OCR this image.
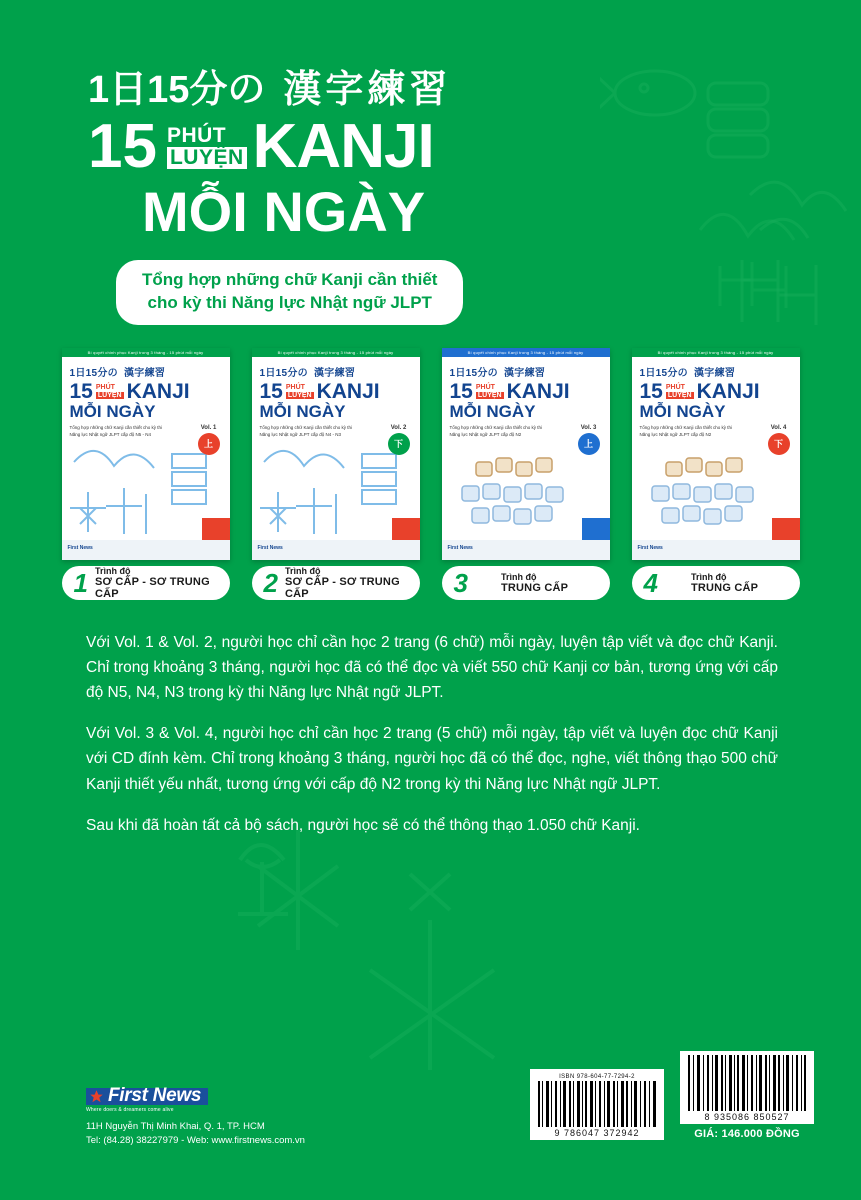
1日15分の 漢字練習
15 PHÚT
LUYỆN KANJI
MỖI NGÀY
Tổng hợp những chữ Kanji cần thiết
cho kỳ thi Năng lực Nhật ngữ JLPT
Bí quyết chinh phục Kanji trong 3 tháng - 15 phút mỗi ngày
1日15分の 漢字練習
15 PHÚT
LUYỆN KANJI
MỖI NGÀY
Tổng hợp những chữ Kanji cần thiết cho kỳ thi Năng lực Nhật ngữ JLPT cấp độ N5 - N4
Vol. 1
上
First News
Bí quyết chinh phục Kanji trong 3 tháng - 15 phút mỗi ngày
1日15分の 漢字練習
15 PHÚT
LUYỆN KANJI
MỖI NGÀY
Tổng hợp những chữ Kanji cần thiết cho kỳ thi Năng lực Nhật ngữ JLPT cấp độ N4 - N3
Vol. 2
下
First News
Bí quyết chinh phục Kanji trong 3 tháng - 15 phút mỗi ngày
1日15分の 漢字練習
15 PHÚT
LUYỆN KANJI
MỖI NGÀY
Tổng hợp những chữ Kanji cần thiết cho kỳ thi Năng lực Nhật ngữ JLPT cấp độ N2
Vol. 3
上
First News
Bí quyết chinh phục Kanji trong 3 tháng - 15 phút mỗi ngày
1日15分の 漢字練習
15 PHÚT
LUYỆN KANJI
MỖI NGÀY
Tổng hợp những chữ Kanji cần thiết cho kỳ thi Năng lực Nhật ngữ JLPT cấp độ N2
Vol. 4
下
First News
1 Trình độ
SƠ CẤP - SƠ TRUNG CẤP	2 Trình độ
SƠ CẤP - SƠ TRUNG CẤP	3	Trình độ
TRUNG CẤP	4	Trình độ
TRUNG CẤP

Với Vol. 1 & Vol. 2, người học chỉ cần học 2 trang (6 chữ) mỗi ngày, luyện tập viết và đọc chữ Kanji. Chỉ trong khoảng 3 tháng, người học đã có thể đọc và viết 550 chữ Kanji cơ bản, tương ứng với cấp độ N5, N4, N3 trong kỳ thi Năng lực Nhật ngữ JLPT.

Với Vol. 3 & Vol. 4, người học chỉ cần học 2 trang (5 chữ) mỗi ngày, tập viết và luyện đọc chữ Kanji với CD đính kèm. Chỉ trong khoảng 3 tháng, người học đã có thể đọc, nghe, viết thông thạo 500 chữ Kanji thiết yếu nhất, tương ứng với cấp độ N2 trong kỳ thi Năng lực Nhật ngữ JLPT.

Sau khi đã hoàn tất cả bộ sách, người học sẽ có thể thông thạo 1.050 chữ Kanji.

First News
Where doers & dreamers come alive
11H Nguyễn Thị Minh Khai, Q. 1, TP. HCM
Tel: (84.28) 38227979 - Web: www.firstnews.com.vn
ISBN 978-604-77-7294-2
9 786047 372942
8 935086 850527
GIÁ: 146.000 ĐỒNG
